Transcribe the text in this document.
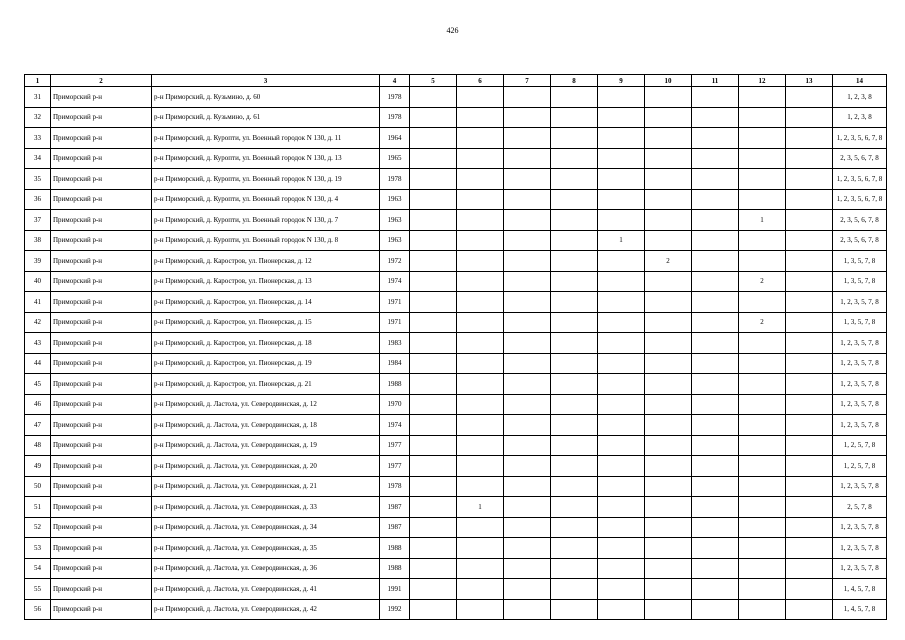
426
1	2	3	4	5	6	7	8	9	10	11	12	13	14
31	Приморский р-н	р-н Приморский, д. Кузьмино, д. 60	1978										1, 2, 3, 8
32	Приморский р-н	р-н Приморский, д. Кузьмино, д. 61	1978										1, 2, 3, 8
33	Приморский р-н	р-н Приморский, д. Куропти, ул. Военный городок N 130, д. 11	1964										1, 2, 3, 5, 6, 7, 8
34	Приморский р-н	р-н Приморский, д. Куропти, ул. Военный городок N 130, д. 13	1965										2, 3, 5, 6, 7, 8
35	Приморский р-н	р-н Приморский, д. Куропти, ул. Военный городок N 130, д. 19	1978										1, 2, 3, 5, 6, 7, 8
36	Приморский р-н	р-н Приморский, д. Куропти, ул. Военный городок N 130, д. 4	1963										1, 2, 3, 5, 6, 7, 8
37	Приморский р-н	р-н Приморский, д. Куропти, ул. Военный городок N 130, д. 7	1963								1		2, 3, 5, 6, 7, 8
38	Приморский р-н	р-н Приморский, д. Куропти, ул. Военный городок N 130, д. 8	1963					1					2, 3, 5, 6, 7, 8
39	Приморский р-н	р-н Приморский, д. Каростров, ул. Пионерская, д. 12	1972						2				1, 3, 5, 7, 8
40	Приморский р-н	р-н Приморский, д. Каростров, ул. Пионерская, д. 13	1974								2		1, 3, 5, 7, 8
41	Приморский р-н	р-н Приморский, д. Каростров, ул. Пионерская, д. 14	1971										1, 2, 3, 5, 7, 8
42	Приморский р-н	р-н Приморский, д. Каростров, ул. Пионерская, д. 15	1971								2		1, 3, 5, 7, 8
43	Приморский р-н	р-н Приморский, д. Каростров, ул. Пионерская, д. 18	1983										1, 2, 3, 5, 7, 8
44	Приморский р-н	р-н Приморский, д. Каростров, ул. Пионерская, д. 19	1984										1, 2, 3, 5, 7, 8
45	Приморский р-н	р-н Приморский, д. Каростров, ул. Пионерская, д. 21	1988										1, 2, 3, 5, 7, 8
46	Приморский р-н	р-н Приморский, д. Ластола, ул. Северодвинская, д. 12	1970										1, 2, 3, 5, 7, 8
47	Приморский р-н	р-н Приморский, д. Ластола, ул. Северодвинская, д. 18	1974										1, 2, 3, 5, 7, 8
48	Приморский р-н	р-н Приморский, д. Ластола, ул. Северодвинская, д. 19	1977										1, 2, 5, 7, 8
49	Приморский р-н	р-н Приморский, д. Ластола, ул. Северодвинская, д. 20	1977										1, 2, 5, 7, 8
50	Приморский р-н	р-н Приморский, д. Ластола, ул. Северодвинская, д. 21	1978										1, 2, 3, 5, 7, 8
51	Приморский р-н	р-н Приморский, д. Ластола, ул. Северодвинская, д. 33	1987		1								2, 5, 7, 8
52	Приморский р-н	р-н Приморский, д. Ластола, ул. Северодвинская, д. 34	1987										1, 2, 3, 5, 7, 8
53	Приморский р-н	р-н Приморский, д. Ластола, ул. Северодвинская, д. 35	1988										1, 2, 3, 5, 7, 8
54	Приморский р-н	р-н Приморский, д. Ластола, ул. Северодвинская, д. 36	1988										1, 2, 3, 5, 7, 8
55	Приморский р-н	р-н Приморский, д. Ластола, ул. Северодвинская, д. 41	1991										1, 4, 5, 7, 8
56	Приморский р-н	р-н Приморский, д. Ластола, ул. Северодвинская, д. 42	1992										1, 4, 5, 7, 8
